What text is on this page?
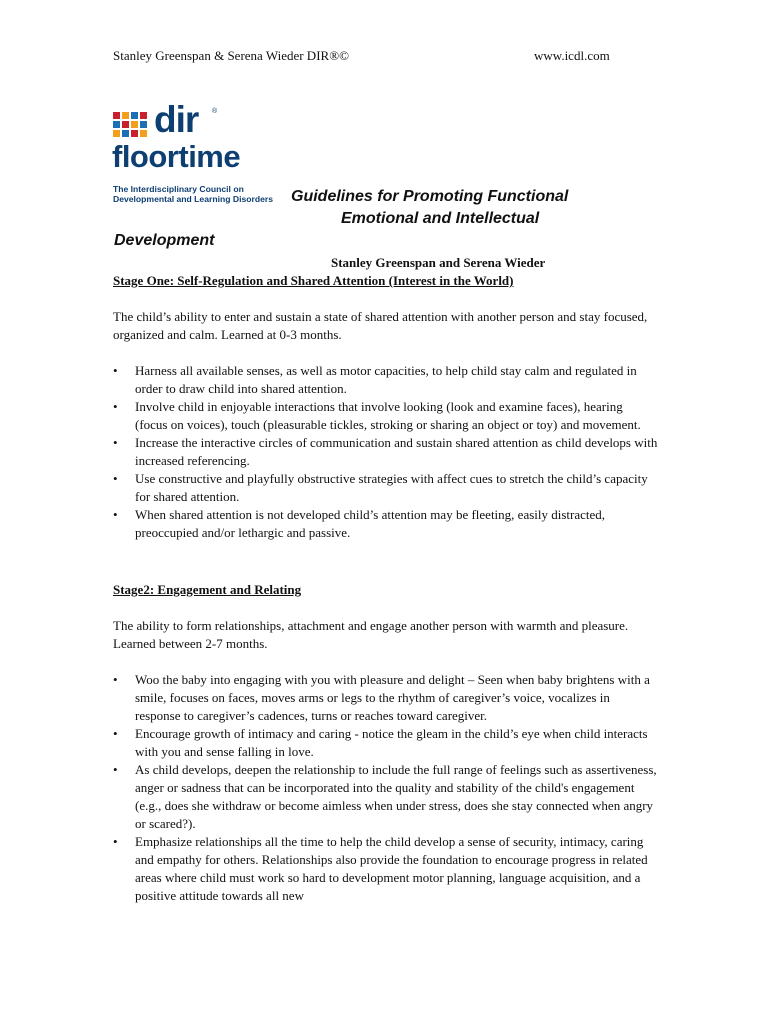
Stanley Greenspan & Serena Wieder DIR®©	www.icdl.com
dir ®
floortime
The Interdisciplinary Council on
Developmental and Learning Disorders	Guidelines for Promoting Functional
Emotional and Intellectual
Development
Stanley Greenspan and Serena Wieder
Stage One: Self-Regulation and Shared Attention (Interest in the World)
The child’s ability to enter and sustain a state of shared attention with another person and stay focused, organized and calm. Learned at 0-3 months.
• Harness all available senses, as well as motor capacities, to help child stay calm and regulated in order to draw child into shared attention.
• Involve child in enjoyable interactions that involve looking (look and examine faces), hearing (focus on voices), touch (pleasurable tickles, stroking or sharing an object or toy) and movement.
• Increase the interactive circles of communication and sustain shared attention as child develops with increased referencing.
• Use constructive and playfully obstructive strategies with affect cues to stretch the child’s capacity for shared attention.
• When shared attention is not developed child’s attention may be fleeting, easily distracted, preoccupied and/or lethargic and passive.
Stage2: Engagement and Relating
The ability to form relationships, attachment and engage another person with warmth and pleasure. Learned between 2-7 months.
• Woo the baby into engaging with you with pleasure and delight – Seen when baby brightens with a smile, focuses on faces, moves arms or legs to the rhythm of caregiver’s voice, vocalizes in response to caregiver’s cadences, turns or reaches toward caregiver.
• Encourage growth of intimacy and caring - notice the gleam in the child’s eye when child interacts with you and sense falling in love.
• As child develops, deepen the relationship to include the full range of feelings such as assertiveness, anger or sadness that can be incorporated into the quality and stability of the child's engagement (e.g., does she withdraw or become aimless when under stress, does she stay connected when angry or scared?).
• Emphasize relationships all the time to help the child develop a sense of security, intimacy, caring and empathy for others. Relationships also provide the foundation to encourage progress in related areas where child must work so hard to development motor planning, language acquisition, and a positive attitude towards all new
